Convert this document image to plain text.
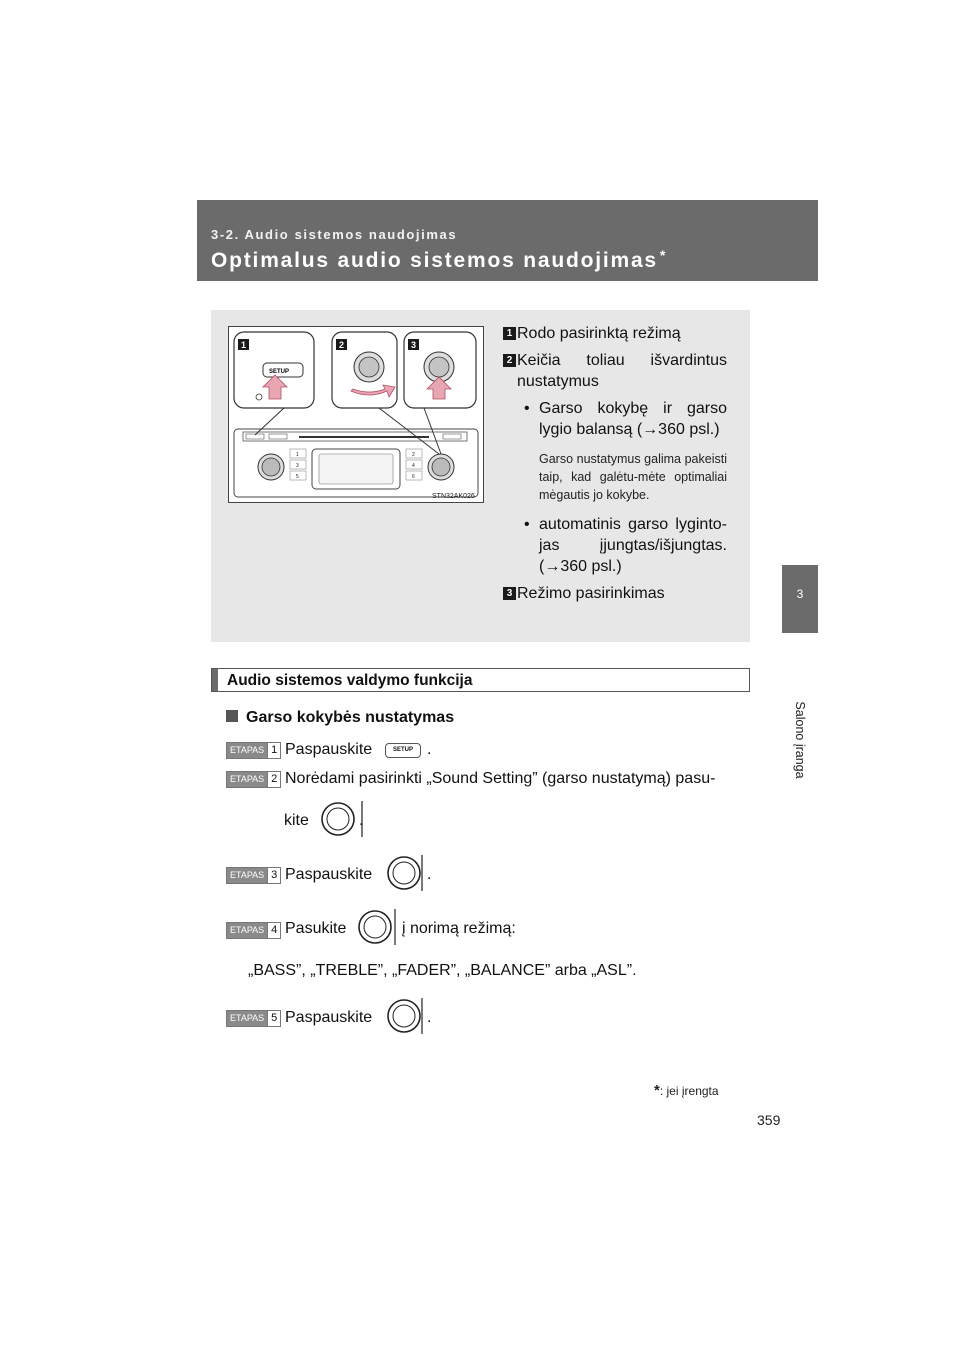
3-2. Audio sistemos naudojimas
Optimalus audio sistemos naudojimas *
3
Salono įranga
1
3
5
2
4
6
SETUP
1	2	3
STN32AK026
1 Rodo pasirinktą režimą
2 Keičia toliau išvardintus nustatymus
• Garso kokybę ir garso lygio balansą (→360 psl.)
Garso nustatymus galima pakeisti taip, kad galėtu-mėte optimaliai mėgautis jo kokybe.
• automatinis garso lyginto-jas įjungtas/išjungtas. (→360 psl.)
3 Režimo pasirinkimas
Audio sistemos valdymo funkcija
Garso kokybės nustatymas
ETAPAS 1 Paspauskite	SETUP .
ETAPAS 2 Norėdami pasirinkti „Sound Setting” (garso nustatymą) pasu-
kite	.
ETAPAS 3 Paspauskite	.
ETAPAS 4 Pasukite	į norimą režimą:
„BASS”, „TREBLE”, „FADER”, „BALANCE” arba „ASL”.
ETAPAS 5 Paspauskite	.
*: jei įrengta
359
